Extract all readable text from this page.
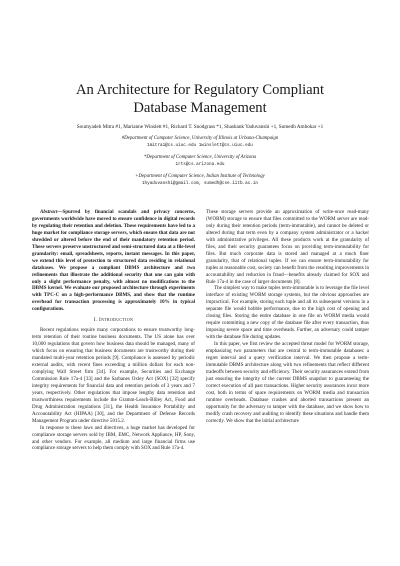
An Architecture for Regulatory Compliant
Database Management
Soumyadeb Mitra #1, Marianne Winslett #1, Richard T. Snodgrass *1, Shashank Yaduvanshi +1, Sumedh Ambokar +1
#Department of Computer Science, University of Illinois at Urbana-Champaign
1mitra1@cs.uiuc.edu 1winslett@cs.uiuc.edu
*Department of Computer Science, University of Arizona
1rts@cs.arizona.edu
+Department of Computer Science, Indian Institute of Technology
1hyaduvanshi@gmail.com, sumedh@cse.iitb.ac.in

Abstract—Spurred by financial scandals and privacy concerns, governments worldwide have moved to ensure confidence in digital records by regulating their retention and deletion. These requirements have led to a huge market for compliance storage servers, which ensure that data are not shredded or altered before the end of their mandatory retention period. These servers preserve unstructured and semi-structured data at a file-level granularity: email, spreadsheets, reports, instant messages. In this paper, we extend this level of protection to structured data residing in relational databases. We propose a compliant DBMS architecture and two refinements that illustrate the additional security that one can gain with only a slight performance penalty, with almost no modifications to the DBMS kernel. We evaluate our proposed architecture through experiments with TPC-C on a high-performance DBMS, and show that the runtime overhead for transaction processing is approximately 10% in typical configurations.

I. Introduction

Recent regulations require many corporations to ensure trustworthy long-term retention of their routine business documents. The US alone has over 10,000 regulations that govern how business data should be managed, many of which focus on ensuring that business documents are trustworthy during their mandated multi-year retention periods [9]. Compliance is assessed by periodic external audits, with recent fines exceeding a million dollars for each non-complying Wall Street firm [34]. For example, Securities and Exchange Commission Rule 17a-4 [33] and the Sarbanes Oxley Act (SOX) [32] specify integrity requirements for financial data and retention periods of 3 years and 7 years, respectively. Other regulations that impose lengthy data retention and trustworthiness requirements include the Gramm-Leach-Bliley Act, Food and Drug Administration regulations [31], the Health Insurance Portability and Accountability Act (HIPAA) [30], and the Department of Defense Records Management Program under directive 5015.2.

In response to these laws and directives, a huge market has developed for compliance storage servers sold by IBM, EMC, Network Appliance, HP, Sony, and other vendors. For example, all medium and large financial firms use compliance storage servers to help them comply with SOX and Rule 17a-4.

These storage servers provide an approximation of write-once read-many (WORM) storage to ensure that files committed to the WORM server are read-only during their retention periods (term-immutable), and cannot be deleted or altered during that term even by a company system administrator or a hacker with administrative privileges. All these products work at the granularity of files, and their security guarantees focus on providing term-immutability for files. But much corporate data is stored and managed at a much finer granularity, that of relational tuples. If we can ensure term-immutability for tuples at reasonable cost, society can benefit from the resulting improvements in accountability and reduction in fraud—benefits already claimed for SOX and Rule 17a-4 in the case of larger documents [8].

The simplest way to make tuples term-immutable is to leverage the file level interface of existing WORM storage systems, but the obvious approaches are impractical. For example, storing each tuple and all its subsequent versions in a separate file would hobble performance, due to the high cost of opening and closing files. Storing the entire database in one file on WORM media would require committing a new copy of the database file after every transaction, thus imposing severe space and time overheads. Further, an adversary could tamper with the database file during updates.

In this paper, we first review the accepted threat model for WORM storage, emphasizing two parameters that are central to term-immutable databases: a regret interval and a query verification interval. We then propose a term-immutable DBMS architecture along with two refinements that reflect different tradeoffs between security and efficiency. Their security assurances extend from just ensuring the integrity of the current DBMS snapshot to guaranteeing the correct execution of all past transactions. Higher security assurances incur more cost, both in terms of space requirements on WORM media and transaction runtime overheads. Database crashes and aborted transactions present an opportunity for the adversary to tamper with the database, and we show how to modify crash recovery and auditing to identify these situations and handle them correctly. We show that the initial architecture
